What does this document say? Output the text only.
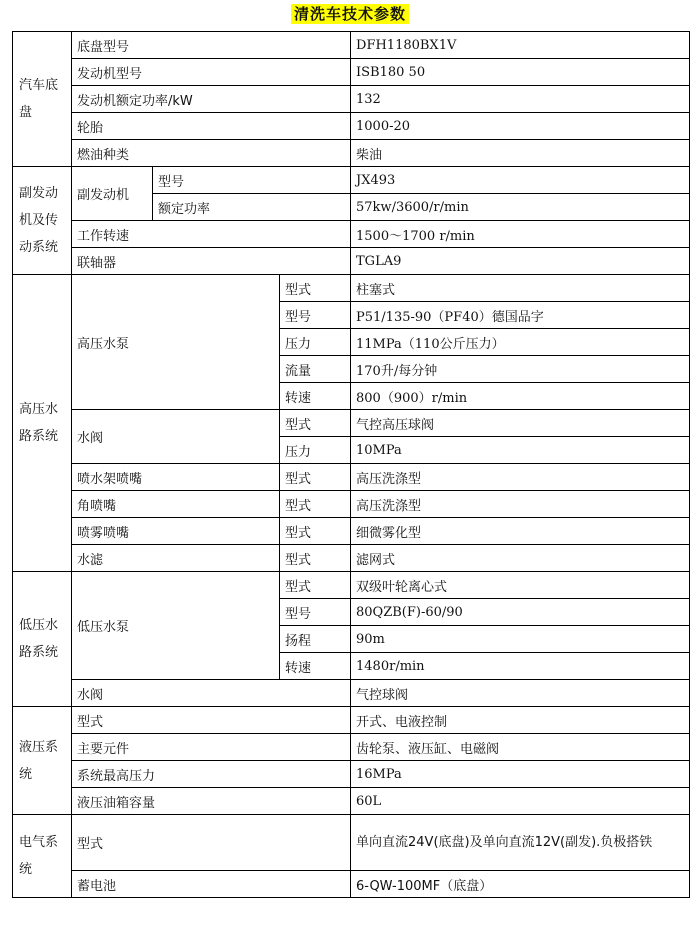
清洗车技术参数
汽车底盘	底盘型号			DFH1180BX1V
	发动机型号			ISB180 50
	发动机额定功率/kW			132
	轮胎			1000-20
	燃油种类			柴油
副发动机及传动系统	副发动机	型号		JX493
		额定功率		57kw/3600/r/min
	工作转速			1500～1700 r/min
	联轴器			TGLA9
高压水路系统	高压水泵		型式	柱塞式
			型号	P51/135-90（PF40）德国品字
			压力	11MPa（110公斤压力）
			流量	170升/每分钟
			转速	800（900）r/min
	水阀		型式	气控高压球阀
			压力	10MPa
	喷水架喷嘴		型式	高压洗涤型
	角喷嘴		型式	高压洗涤型
	喷雾喷嘴		型式	细微雾化型
	水滤		型式	滤网式
低压水路系统	低压水泵		型式	双级叶轮离心式
			型号	80QZB(F)-60/90
			扬程	90m
			转速	1480r/min
	水阀			气控球阀
液压系统	型式			开式、电液控制
	主要元件			齿轮泵、液压缸、电磁阀
	系统最高压力			16MPa
	液压油箱容量			60L
电气系统	型式			单向直流24V(底盘)及单向直流12V(副发).负极搭铁
	蓄电池			6-QW-100MF（底盘）
